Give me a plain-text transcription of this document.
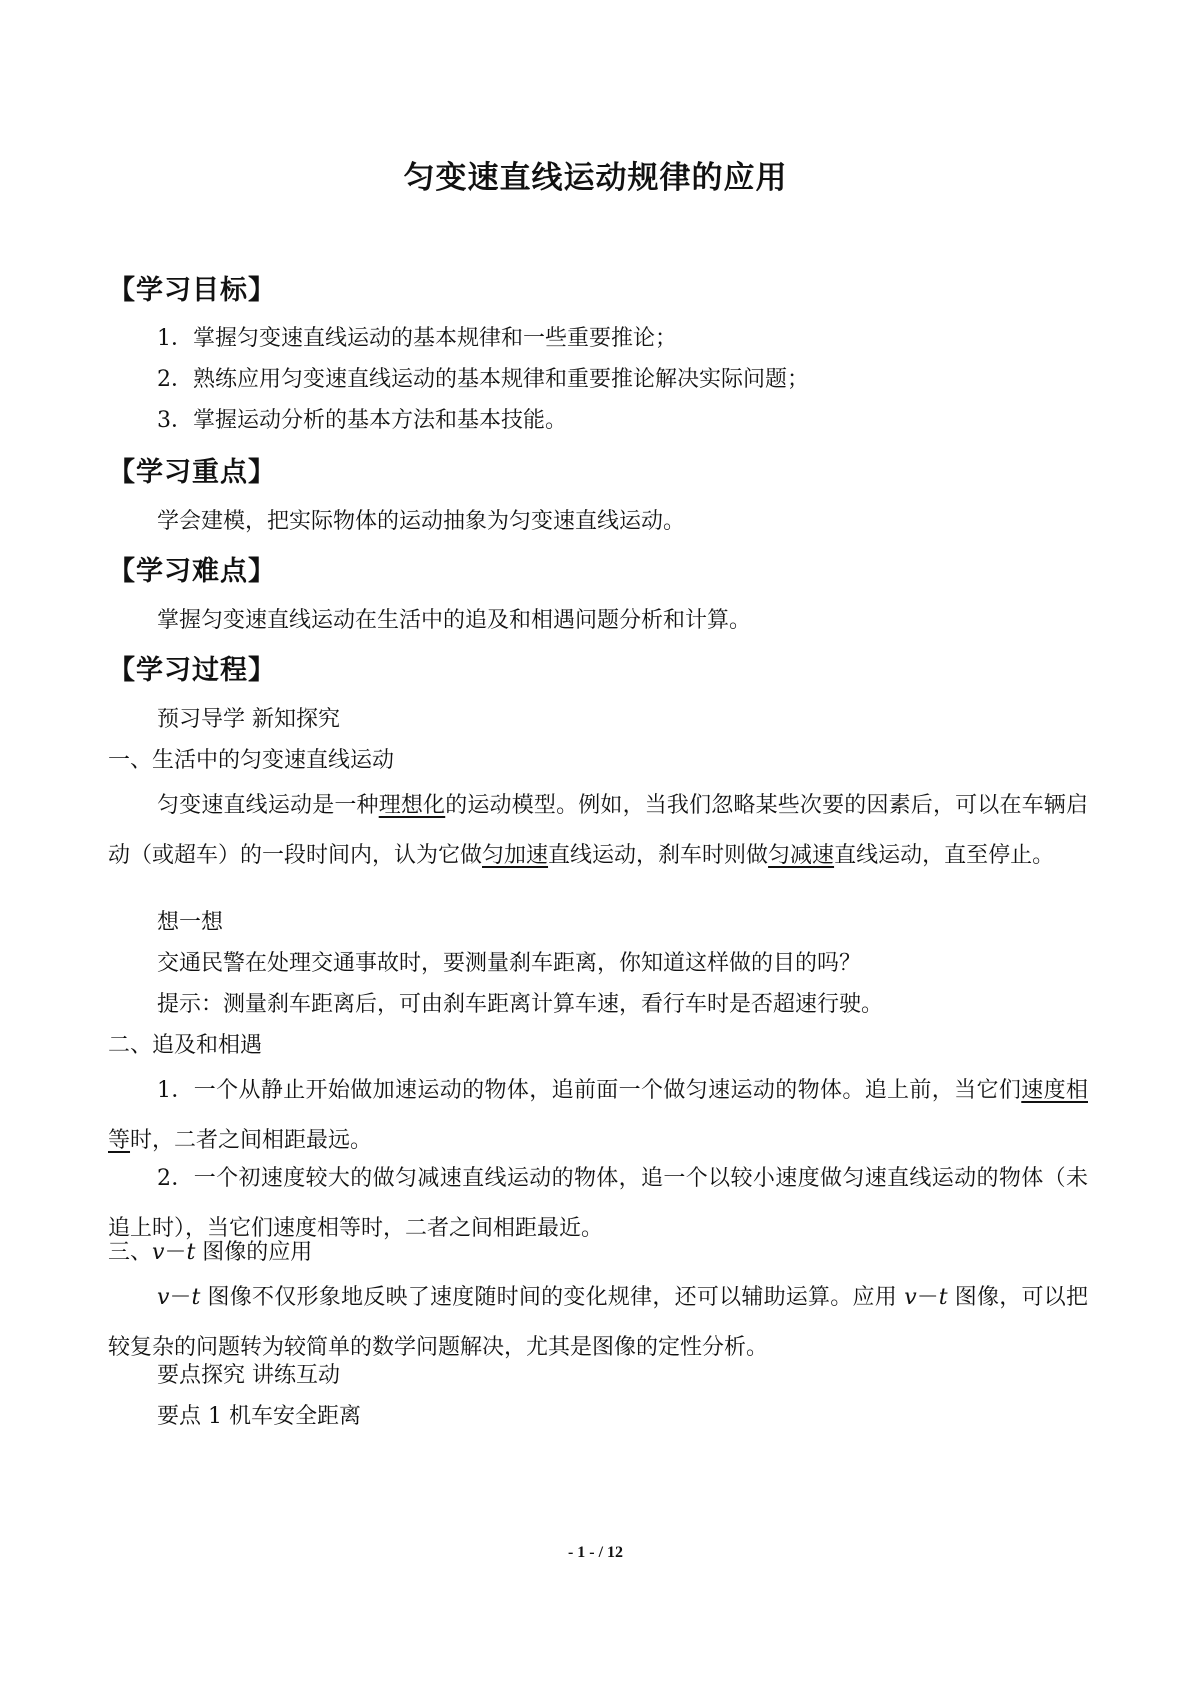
匀变速直线运动规律的应用
【学习目标】
1．掌握匀变速直线运动的基本规律和一些重要推论；
2．熟练应用匀变速直线运动的基本规律和重要推论解决实际问题；
3．掌握运动分析的基本方法和基本技能。
【学习重点】
学会建模，把实际物体的运动抽象为匀变速直线运动。
【学习难点】
掌握匀变速直线运动在生活中的追及和相遇问题分析和计算。
【学习过程】
预习导学 新知探究
一、生活中的匀变速直线运动
匀变速直线运动是一种理想化的运动模型。例如，当我们忽略某些次要的因素后，可以在车辆启动（或超车）的一段时间内，认为它做匀加速直线运动，刹车时则做匀减速直线运动，直至停止。
想一想
交通民警在处理交通事故时，要测量刹车距离，你知道这样做的目的吗？
提示：测量刹车距离后，可由刹车距离计算车速，看行车时是否超速行驶。
二、追及和相遇
1．一个从静止开始做加速运动的物体，追前面一个做匀速运动的物体。追上前，当它们速度相等时，二者之间相距最远。
2．一个初速度较大的做匀减速直线运动的物体，追一个以较小速度做匀速直线运动的物体（未追上时），当它们速度相等时，二者之间相距最近。
三、v－t 图像的应用
v－t 图像不仅形象地反映了速度随时间的变化规律，还可以辅助运算。应用 v－t 图像，可以把较复杂的问题转为较简单的数学问题解决，尤其是图像的定性分析。
要点探究 讲练互动
要点 1 机车安全距离
- 1 - / 12
